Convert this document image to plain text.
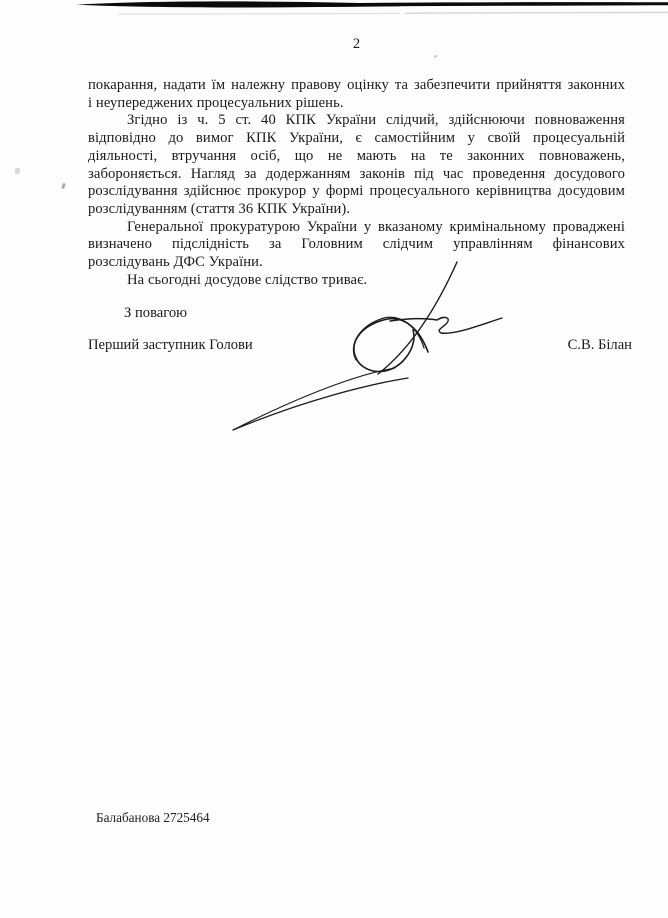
2
покарання, надати їм належну правову оцінку та забезпечити прийняття законних
і неупереджених процесуальних рішень.
Згідно із ч. 5 ст. 40 КПК України слідчий, здійснюючи повноваження
відповідно до вимог КПК України, є самостійним у своїй процесуальній
діяльності, втручання осіб, що не мають на те законних повноважень,
забороняється. Нагляд за додержанням законів під час проведення досудового
розслідування здійснює прокурор у формі процесуального керівництва досудовим
розслідуванням (стаття 36 КПК України).
Генеральної прокуратурою України у вказаному кримінальному проваджені
визначено підслідність за Головним слідчим управлінням фінансових
розслідувань ДФС України.
На сьогодні досудове слідство триває.
З повагою
Перший заступник Голови	С.В. Білан
Балабанова 2725464
